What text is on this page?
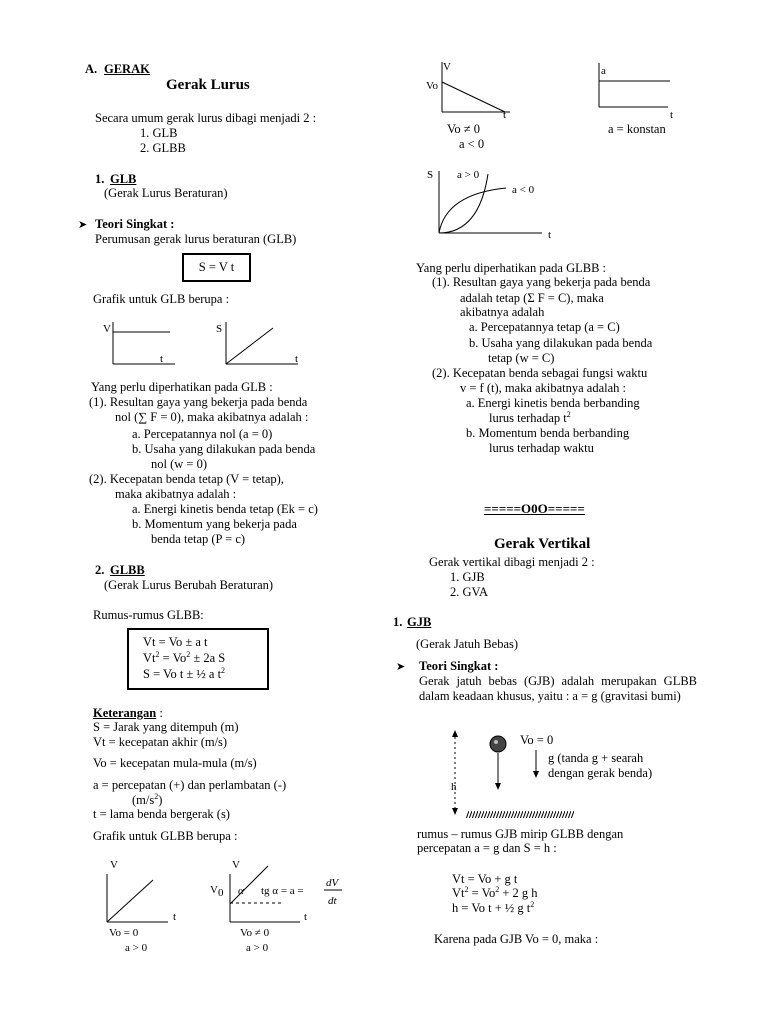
A. GERAK
Gerak Lurus
Secara umum gerak lurus dibagi menjadi 2 :
1. GLB
2. GLBB
1. GLB
(Gerak Lurus Beraturan)
➤ Teori Singkat :
Perumusan gerak lurus beraturan (GLB)
S = V t
Grafik untuk GLB berupa :
V
t
S
t
Yang perlu diperhatikan pada GLB :
(1). Resultan gaya yang bekerja pada benda
nol (∑ F = 0), maka akibatnya adalah :
a. Percepatannya nol (a = 0)
b. Usaha yang dilakukan pada benda
nol (w = 0)
(2). Kecepatan benda tetap (V = tetap),
maka akibatnya adalah :
a. Energi kinetis benda tetap (Ek = c)
b. Momentum yang bekerja pada
benda tetap (P = c)
2. GLBB
(Gerak Lurus Berubah Beraturan)
Rumus-rumus GLBB:
Vt = Vo ± a t
$Vt^2 = Vo^2 \pm 2a$ S
S = Vo t ± ½ a $t^2$
Keterangan :
S = Jarak yang ditempuh (m)
Vt = kecepatan akhir (m/s)
Vo = kecepatan mula-mula (m/s)
a = percepatan (+) dan perlambatan (-)
$(m/s^2)$
t = lama benda bergerak (s)
Grafik untuk GLBB berupa :
V
t
Vo = 0
a > 0
V
V 0 α tg α = a =
dV
dt
t
Vo ≠ 0
a > 0
V
Vo
t
Vo ≠ 0
a < 0
a
t
a = konstan
S a > 0
a < 0
t
Yang perlu diperhatikan pada GLBB :
(1). Resultan gaya yang bekerja pada benda
adalah tetap (Σ F = C), maka
akibatnya adalah
a. Percepatannya tetap (a = C)
b. Usaha yang dilakukan pada benda
tetap (w = C)
(2). Kecepatan benda sebagai fungsi waktu
v = f (t), maka akibatnya adalah :
a. Energi kinetis benda berbanding
lurus terhadap $t^2$
b. Momentum benda berbanding
lurus terhadap waktu
=====O0O=====
Gerak Vertikal
Gerak vertikal dibagi menjadi 2 :
1. GJB
2. GVA
1. GJB
(Gerak Jatuh Bebas)
➤ Teori Singkat :
Gerak jatuh bebas (GJB) adalah merupakan GLBB dalam keadaan khusus, yaitu : a = g (gravitasi bumi)
h
Vo = 0
g (tanda g + searah
dengan gerak benda)
rumus – rumus GJB mirip GLBB dengan
percepatan a = g dan S = h :
Vt = Vo + g t
$Vt^2 = Vo^2 + 2$ g h
h = Vo t + ½ g $t^2$
Karena pada GJB Vo = 0, maka :
